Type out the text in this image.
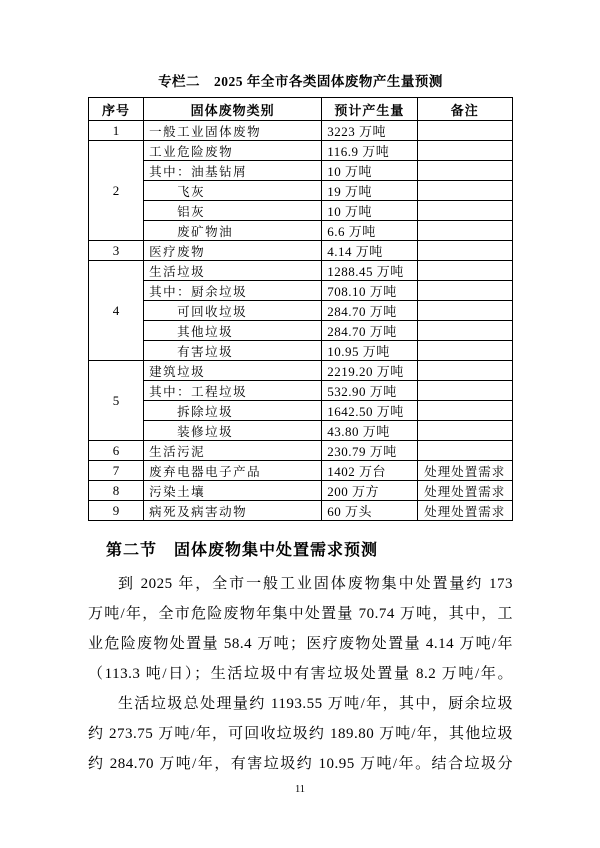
专栏二　2025 年全市各类固体废物产生量预测
序号	固体废物类别	预计产生量	备注
1	一般工业固体废物	3223 万吨	
2	工业危险废物	116.9 万吨	
	其中：油基钻屑	10 万吨	
	飞灰	19 万吨	
	铝灰	10 万吨	
	废矿物油	6.6 万吨	
3	医疗废物	4.14 万吨	
4	生活垃圾	1288.45 万吨	
	其中：厨余垃圾	708.10 万吨	
	可回收垃圾	284.70 万吨	
	其他垃圾	284.70 万吨	
	有害垃圾	10.95 万吨	
5	建筑垃圾	2219.20 万吨	
	其中：工程垃圾	532.90 万吨	
	拆除垃圾	1642.50 万吨	
	装修垃圾	43.80 万吨	
6	生活污泥	230.79 万吨	
7	废弃电器电子产品	1402 万台	处理处置需求
8	污染土壤	200 万方	处理处置需求
9	病死及病害动物	60 万头	处理处置需求
第二节　固体废物集中处置需求预测
到 2025 年，全市一般工业固体废物集中处置量约 173
万吨/年，全市危险废物年集中处置量 70.74 万吨，其中，工
业危险废物处置量 58.4 万吨；医疗废物处置量 4.14 万吨/年
（113.3 吨/日）；生活垃圾中有害垃圾处置量 8.2 万吨/年。
生活垃圾总处理量约 1193.55 万吨/年，其中，厨余垃圾
约 273.75 万吨/年，可回收垃圾约 189.80 万吨/年，其他垃圾
约 284.70 万吨/年，有害垃圾约 10.95 万吨/年。结合垃圾分
11
